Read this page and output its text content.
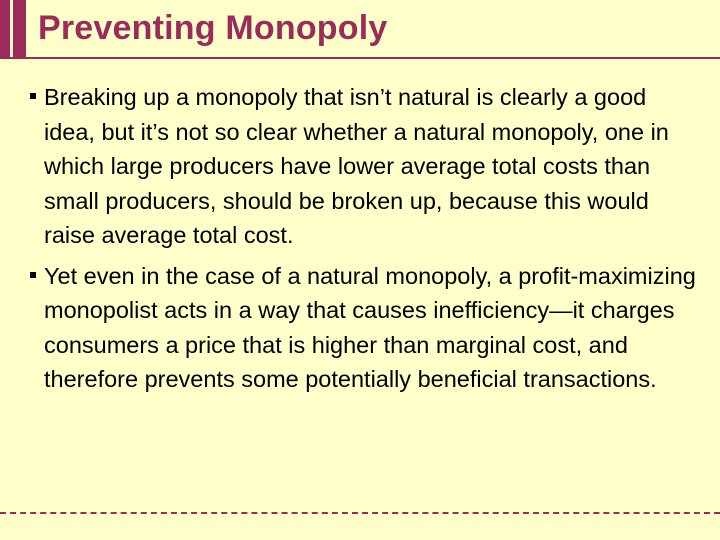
Preventing Monopoly

Breaking up a monopoly that isn’t natural is clearly a good idea, but it’s not so clear whether a natural monopoly, one in which large producers have lower average total costs than small producers, should be broken up, because this would raise average total cost.

Yet even in the case of a natural monopoly, a profit-maximizing monopolist acts in a way that causes inefficiency—it charges consumers a price that is higher than marginal cost, and therefore prevents some potentially beneficial transactions.
